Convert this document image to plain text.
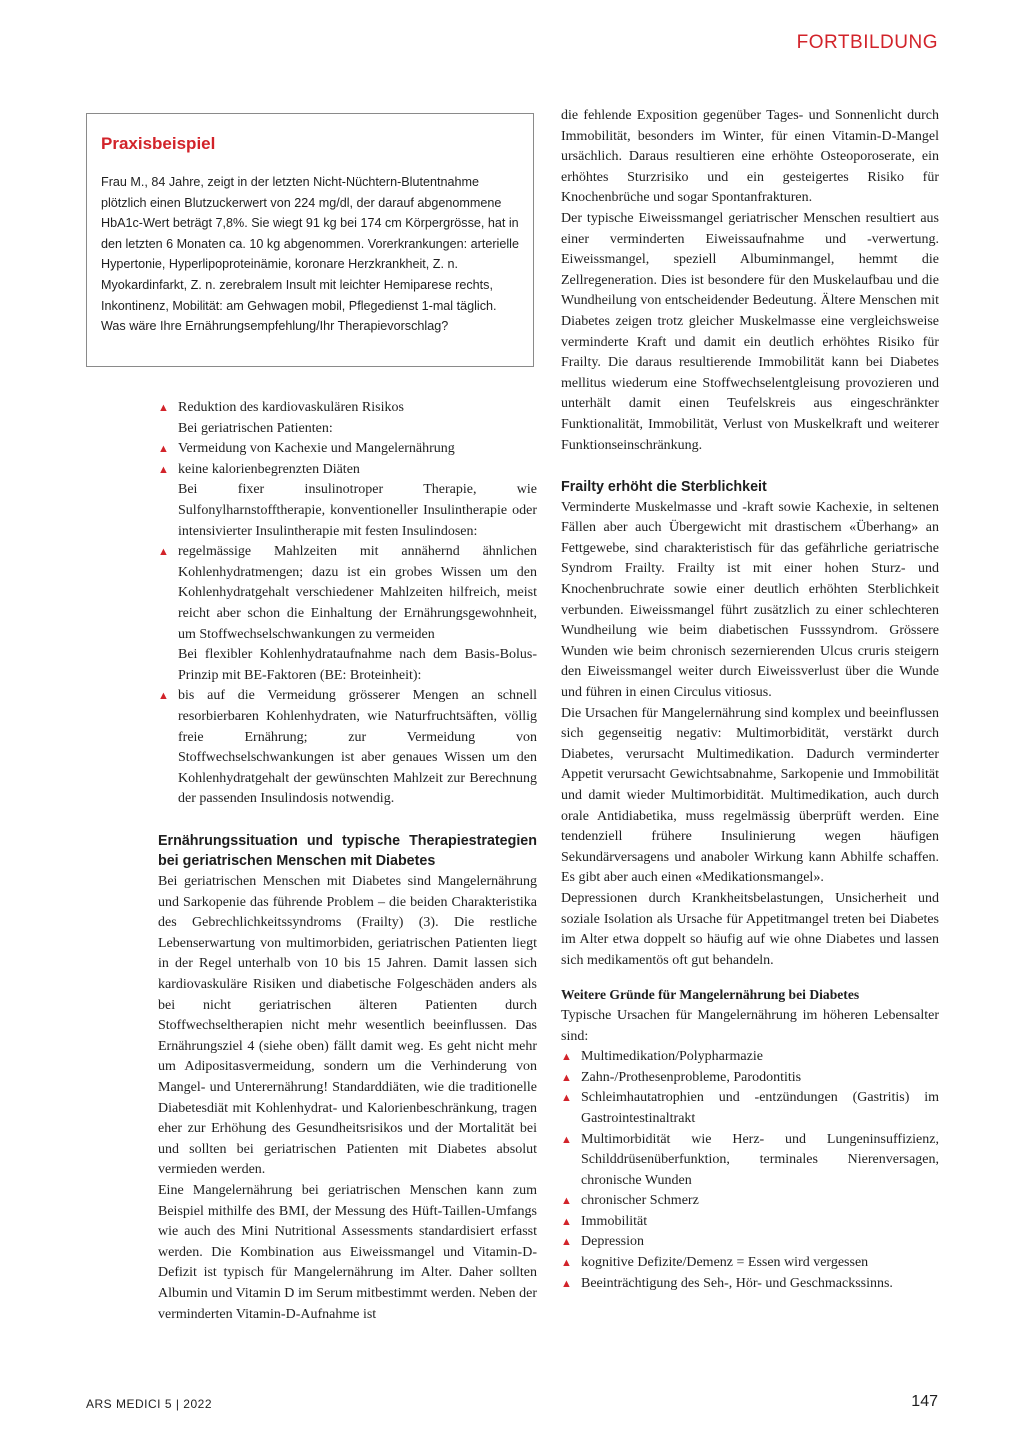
FORTBILDUNG
Praxisbeispiel

Frau M., 84 Jahre, zeigt in der letzten Nicht-Nüchtern-Blutentnahme plötzlich einen Blutzuckerwert von 224 mg/dl, der darauf abgenommene HbA1c-Wert beträgt 7,8%. Sie wiegt 91 kg bei 174 cm Körpergrösse, hat in den letzten 6 Monaten ca. 10 kg abgenommen. Vorerkrankungen: arterielle Hypertonie, Hyperlipoproteinämie, koronare Herzkrankheit, Z. n. Myokardinfarkt, Z. n. zerebralem Insult mit leichter Hemiparese rechts, Inkontinenz, Mobilität: am Gehwagen mobil, Pflegedienst 1-mal täglich. Was wäre Ihre Ernährungsempfehlung/Ihr Therapievorschlag?

▲ Reduktion des kardiovaskulären Risikos

Bei geriatrischen Patienten:

▲ Vermeidung von Kachexie und Mangelernährung
▲ keine kalorienbegrenzten Diäten

Bei fixer insulinotroper Therapie, wie Sulfonylharnstofftherapie, konventioneller Insulintherapie oder intensivierter Insulintherapie mit festen Insulindosen:

▲ regelmässige Mahlzeiten mit annähernd ähnlichen Kohlenhydratmengen; dazu ist ein grobes Wissen um den Kohlenhydratgehalt verschiedener Mahlzeiten hilfreich, meist reicht aber schon die Einhaltung der Ernährungsgewohnheit, um Stoffwechselschwankungen zu vermeiden

Bei flexibler Kohlenhydrataufnahme nach dem Basis-Bolus-Prinzip mit BE-Faktoren (BE: Broteinheit):

▲ bis auf die Vermeidung grösserer Mengen an schnell resorbierbaren Kohlenhydraten, wie Naturfruchtsäften, völlig freie Ernährung; zur Vermeidung von Stoffwechselschwankungen ist aber genaues Wissen um den Kohlenhydratgehalt der gewünschten Mahlzeit zur Berechnung der passenden Insulindosis notwendig.
Ernährungssituation und typische Therapiestrategien bei geriatrischen Menschen mit Diabetes

Bei geriatrischen Menschen mit Diabetes sind Mangelernährung und Sarkopenie das führende Problem – die beiden Charakteristika des Gebrechlichkeitssyndroms (Frailty) (3). Die restliche Lebenserwartung von multimorbiden, geriatrischen Patienten liegt in der Regel unterhalb von 10 bis 15 Jahren. Damit lassen sich kardiovaskuläre Risiken und diabetische Folgeschäden anders als bei nicht geriatrischen älteren Patienten durch Stoffwechseltherapien nicht mehr wesentlich beeinflussen. Das Ernährungsziel 4 (siehe oben) fällt damit weg. Es geht nicht mehr um Adipositasvermeidung, sondern um die Verhinderung von Mangel- und Unterernährung! Standarddiäten, wie die traditionelle Diabetesdiät mit Kohlenhydrat- und Kalorienbeschränkung, tragen eher zur Erhöhung des Gesundheitsrisikos und der Mortalität bei und sollten bei geriatrischen Patienten mit Diabetes absolut vermieden werden.

Eine Mangelernährung bei geriatrischen Menschen kann zum Beispiel mithilfe des BMI, der Messung des Hüft-Taillen-Umfangs wie auch des Mini Nutritional Assessments standardisiert erfasst werden. Die Kombination aus Eiweissmangel und Vitamin-D-Defizit ist typisch für Mangelernährung im Alter. Daher sollten Albumin und Vitamin D im Serum mitbestimmt werden. Neben der verminderten Vitamin-D-Aufnahme ist

die fehlende Exposition gegenüber Tages- und Sonnenlicht durch Immobilität, besonders im Winter, für einen Vitamin-D-Mangel ursächlich. Daraus resultieren eine erhöhte Osteoporoserate, ein erhöhtes Sturzrisiko und ein gesteigertes Risiko für Knochenbrüche und sogar Spontanfrakturen.

Der typische Eiweissmangel geriatrischer Menschen resultiert aus einer verminderten Eiweissaufnahme und -verwertung. Eiweissmangel, speziell Albuminmangel, hemmt die Zellregeneration. Dies ist besondere für den Muskelaufbau und die Wundheilung von entscheidender Bedeutung. Ältere Menschen mit Diabetes zeigen trotz gleicher Muskelmasse eine vergleichsweise verminderte Kraft und damit ein deutlich erhöhtes Risiko für Frailty. Die daraus resultierende Immobilität kann bei Diabetes mellitus wiederum eine Stoffwechselentgleisung provozieren und unterhält damit einen Teufelskreis aus eingeschränkter Funktionalität, Immobilität, Verlust von Muskelkraft und weiterer Funktionseinschränkung.

Frailty erhöht die Sterblichkeit

Verminderte Muskelmasse und -kraft sowie Kachexie, in seltenen Fällen aber auch Übergewicht mit drastischem «Überhang» an Fettgewebe, sind charakteristisch für das gefährliche geriatrische Syndrom Frailty. Frailty ist mit einer hohen Sturz- und Knochenbruchrate sowie einer deutlich erhöhten Sterblichkeit verbunden. Eiweissmangel führt zusätzlich zu einer schlechteren Wundheilung wie beim diabetischen Fusssyndrom. Grössere Wunden wie beim chronisch sezernierenden Ulcus cruris steigern den Eiweissmangel weiter durch Eiweissverlust über die Wunde und führen in einen Circulus vitiosus.

Die Ursachen für Mangelernährung sind komplex und beeinflussen sich gegenseitig negativ: Multimorbidität, verstärkt durch Diabetes, verursacht Multimedikation. Dadurch verminderter Appetit verursacht Gewichtsabnahme, Sarkopenie und Immobilität und damit wieder Multimorbidität. Multimedikation, auch durch orale Antidiabetika, muss regelmässig überprüft werden. Eine tendenziell frühere Insulinierung wegen häufigen Sekundärversagens und anaboler Wirkung kann Abhilfe schaffen. Es gibt aber auch einen «Medikationsmangel».

Depressionen durch Krankheitsbelastungen, Unsicherheit und soziale Isolation als Ursache für Appetitmangel treten bei Diabetes im Alter etwa doppelt so häufig auf wie ohne Diabetes und lassen sich medikamentös oft gut behandeln.

Weitere Gründe für Mangelernährung bei Diabetes

Typische Ursachen für Mangelernährung im höheren Lebensalter sind:

▲ Multimedikation/Polypharmazie
▲ Zahn-/Prothesenprobleme, Parodontitis
▲ Schleimhautatrophien und -entzündungen (Gastritis) im Gastrointestinaltrakt
▲ Multimorbidität wie Herz- und Lungeninsuffizienz, Schilddrüsenüberfunktion, terminales Nierenversagen, chronische Wunden
▲ chronischer Schmerz
▲ Immobilität
▲ Depression
▲ kognitive Defizite/Demenz = Essen wird vergessen
▲ Beeinträchtigung des Seh-, Hör- und Geschmackssinns.
ARS MEDICI 5 | 2022	147
